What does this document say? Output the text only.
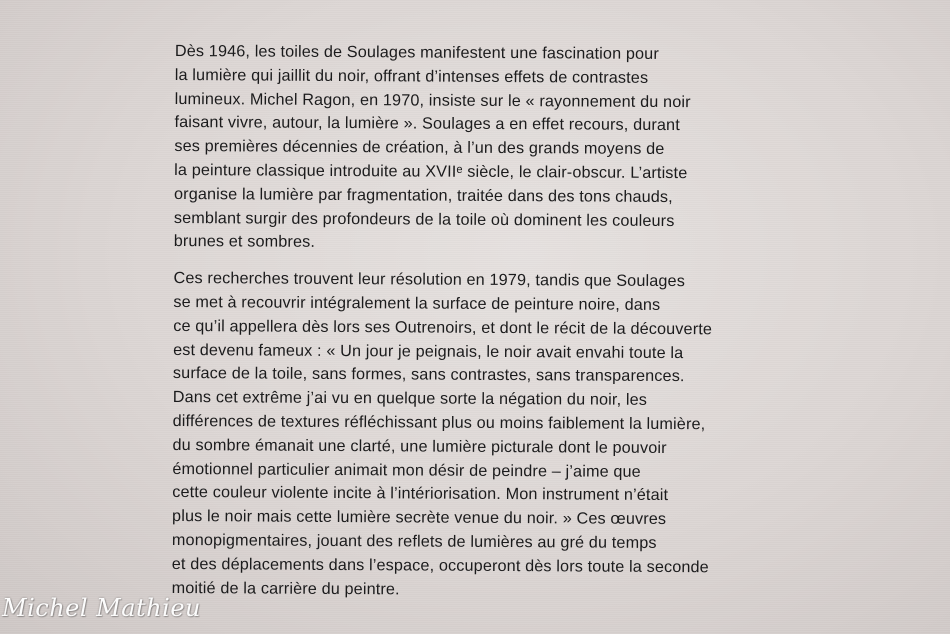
Dès 1946, les toiles de Soulages manifestent une fascination pour
la lumière qui jaillit du noir, offrant d’intenses effets de contrastes
lumineux. Michel Ragon, en 1970, insiste sur le « rayonnement du noir
faisant vivre, autour, la lumière ». Soulages a en effet recours, durant
ses premières décennies de création, à l’un des grands moyens de
la peinture classique introduite au XVIIᵉ siècle, le clair-obscur. L’artiste
organise la lumière par fragmentation, traitée dans des tons chauds,
semblant surgir des profondeurs de la toile où dominent les couleurs
brunes et sombres.

Ces recherches trouvent leur résolution en 1979, tandis que Soulages
se met à recouvrir intégralement la surface de peinture noire, dans
ce qu’il appellera dès lors ses Outrenoirs, et dont le récit de la découverte
est devenu fameux : « Un jour je peignais, le noir avait envahi toute la
surface de la toile, sans formes, sans contrastes, sans transparences.
Dans cet extrême j’ai vu en quelque sorte la négation du noir, les
différences de textures réfléchissant plus ou moins faiblement la lumière,
du sombre émanait une clarté, une lumière picturale dont le pouvoir
émotionnel particulier animait mon désir de peindre – j’aime que
cette couleur violente incite à l’intériorisation. Mon instrument n’était
plus le noir mais cette lumière secrète venue du noir. » Ces œuvres
monopigmentaires, jouant des reflets de lumières au gré du temps
et des déplacements dans l’espace, occuperont dès lors toute la seconde
moitié de la carrière du peintre.

Michel Mathieu
